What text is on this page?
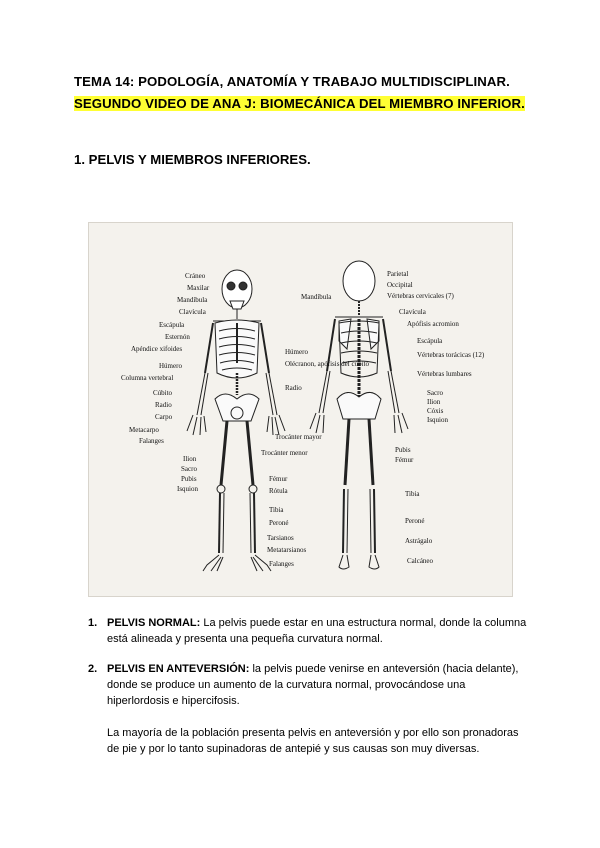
TEMA 14: PODOLOGÍA, ANATOMÍA Y TRABAJO MULTIDISCIPLINAR. SEGUNDO VIDEO DE ANA J: BIOMECÁNICA DEL MIEMBRO INFERIOR.
1. PELVIS Y MIEMBROS INFERIORES.
Cráneo
Maxilar
Mandíbula
Clavícula
Escápula
Esternón
Apéndice xifoides
Húmero
Columna vertebral
Cúbito
Radio
Carpo
Metacarpo
Falanges
Ilion
Sacro
Pubis
Isquion
Húmero
Olécranon, apófisis del cúbito
Radio
Trocánter mayor
Trocánter menor
Fémur
Rótula
Tibia
Peroné
Tarsianos
Metatarsianos
Falanges
Parietal
Occipital
Vértebras cervicales (7)
Mandíbula
Clavícula
Apófisis acromion
Escápula
Vértebras torácicas (12)
Vértebras lumbares
Sacro
Ilion
Cóxis
Isquion
Pubis
Fémur
Tibia
Peroné
Astrágalo
Calcáneo
1. PELVIS NORMAL: La pelvis puede estar en una estructura normal, donde la columna está alineada y presenta una pequeña curvatura normal.
2. PELVIS EN ANTEVERSIÓN: la pelvis puede venirse en anteversión (hacia delante), donde se produce un aumento de la curvatura normal, provocándose una hiperlordosis e hipercifosis.
La mayoría de la población presenta pelvis en anteversión y por ello son pronadoras de pie y por lo tanto supinadoras de antepié y sus causas son muy diversas.
